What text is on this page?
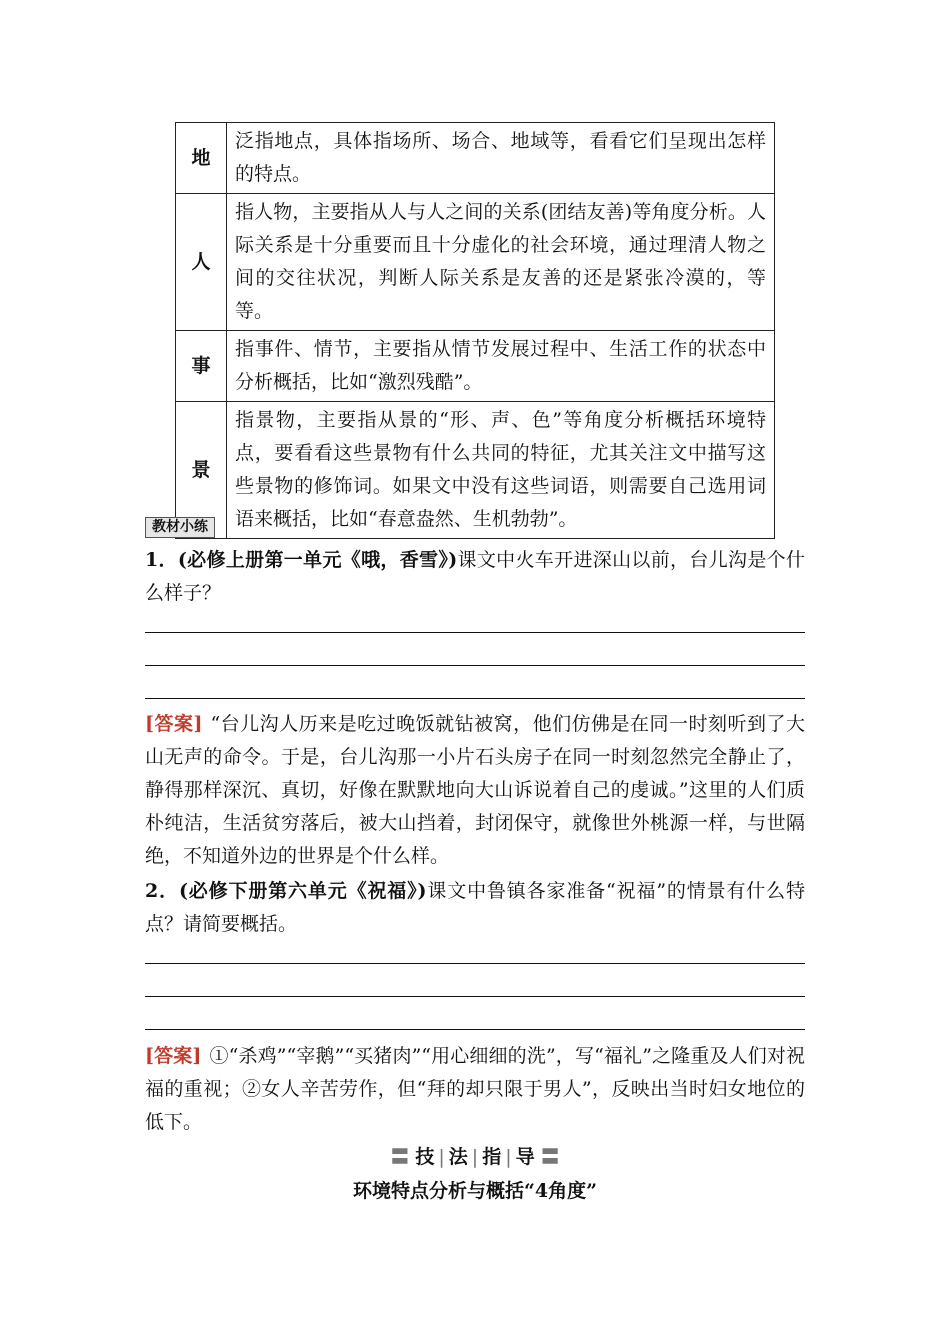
地	泛指地点，具体指场所、场合、地域等，看看它们呈现出怎样的特点。
人	指人物，主要指从人与人之间的关系(团结友善)等角度分析。人际关系是十分重要而且十分虚化的社会环境，通过理清人物之间的交往状况，判断人际关系是友善的还是紧张冷漠的，等等。
事	指事件、情节，主要指从情节发展过程中、生活工作的状态中分析概括，比如“激烈残酷”。
景	指景物，主要指从景的“形、声、色”等角度分析概括环境特点，要看看这些景物有什么共同的特征，尤其关注文中描写这些景物的修饰词。如果文中没有这些词语，则需要自己选用词语来概括，比如“春意盎然、生机勃勃”。
教材小练
1．(必修上册第一单元《哦，香雪》)课文中火车开进深山以前，台儿沟是个什么样子？
[答案] “台儿沟人历来是吃过晚饭就钻被窝，他们仿佛是在同一时刻听到了大山无声的命令。于是，台儿沟那一小片石头房子在同一时刻忽然完全静止了，静得那样深沉、真切，好像在默默地向大山诉说着自己的虔诚。”这里的人们质朴纯洁，生活贫穷落后，被大山挡着，封闭保守，就像世外桃源一样，与世隔绝，不知道外边的世界是个什么样。
2．(必修下册第六单元《祝福》)课文中鲁镇各家准备“祝福”的情景有什么特点？请简要概括。
[答案] ①“杀鸡”“宰鹅”“买猪肉”“用心细细的洗”，写“福礼”之隆重及人们对祝福的重视；②女人辛苦劳作，但“拜的却只限于男人”，反映出当时妇女地位的低下。
〓 技 | 法 | 指 | 导 〓
环境特点分析与概括“4角度”
